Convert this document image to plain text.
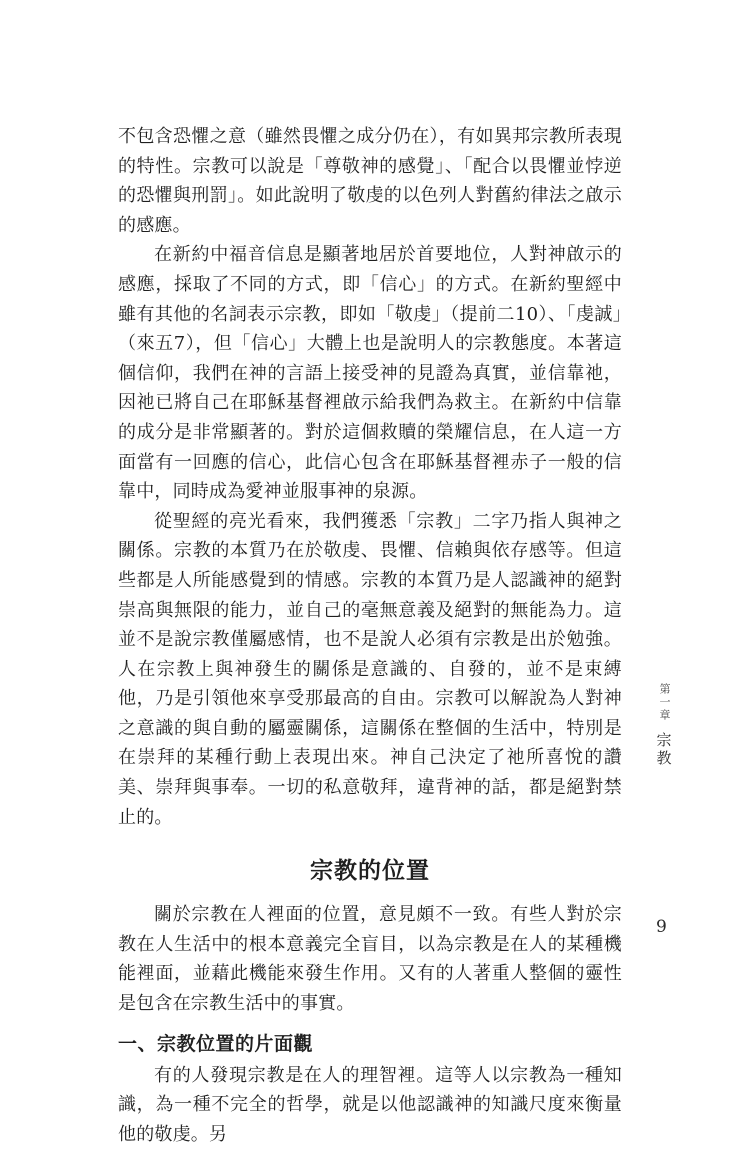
不包含恐懼之意（雖然畏懼之成分仍在），有如異邦宗教所表現的特性。宗教可以說是「尊敬神的感覺」、「配合以畏懼並悖逆的恐懼與刑罰」。如此說明了敬虔的以色列人對舊約律法之啟示的感應。

在新約中福音信息是顯著地居於首要地位，人對神啟示的感應，採取了不同的方式，即「信心」的方式。在新約聖經中雖有其他的名詞表示宗教，即如「敬虔」（提前二10）、「虔誠」（來五7），但「信心」大體上也是說明人的宗教態度。本著這個信仰，我們在神的言語上接受神的見證為真實，並信靠祂，因祂已將自己在耶穌基督裡啟示給我們為救主。在新約中信靠的成分是非常顯著的。對於這個救贖的榮耀信息，在人這一方面當有一回應的信心，此信心包含在耶穌基督裡赤子一般的信靠中，同時成為愛神並服事神的泉源。

從聖經的亮光看來，我們獲悉「宗教」二字乃指人與神之關係。宗教的本質乃在於敬虔、畏懼、信賴與依存感等。但這些都是人所能感覺到的情感。宗教的本質乃是人認識神的絕對崇高與無限的能力，並自己的毫無意義及絕對的無能為力。這並不是說宗教僅屬感情，也不是說人必須有宗教是出於勉強。人在宗教上與神發生的關係是意識的、自發的，並不是束縛他，乃是引領他來享受那最高的自由。宗教可以解說為人對神之意識的與自動的屬靈關係，這關係在整個的生活中，特別是在崇拜的某種行動上表現出來。神自己決定了祂所喜悅的讚美、崇拜與事奉。一切的私意敬拜，違背神的話，都是絕對禁止的。

宗教的位置

關於宗教在人裡面的位置，意見頗不一致。有些人對於宗教在人生活中的根本意義完全盲目，以為宗教是在人的某種機能裡面，並藉此機能來發生作用。又有的人著重人整個的靈性是包含在宗教生活中的事實。

一、宗教位置的片面觀

有的人發現宗教是在人的理智裡。這等人以宗教為一種知識，為一種不完全的哲學，就是以他認識神的知識尺度來衡量他的敬虔。另

第一章
宗教
9
